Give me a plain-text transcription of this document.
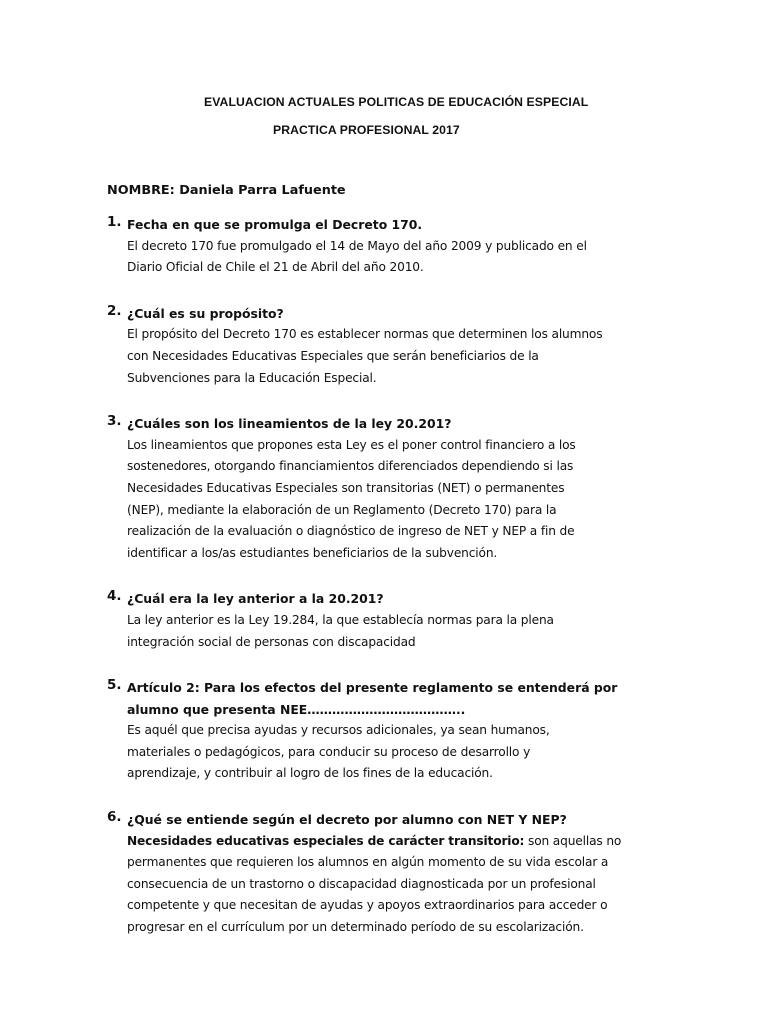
EVALUACION ACTUALES POLITICAS DE EDUCACIÓN ESPECIAL
PRACTICA PROFESIONAL 2017
NOMBRE: Daniela Parra Lafuente
1. Fecha en que se promulga el Decreto 170.
El decreto 170 fue promulgado el 14 de Mayo del año 2009 y publicado en el
Diario Oficial de Chile el 21 de Abril del año 2010.
2. ¿Cuál es su propósito?
El propósito del Decreto 170 es establecer normas que determinen los alumnos
con Necesidades Educativas Especiales que serán beneficiarios de la
Subvenciones para la Educación Especial.
3. ¿Cuáles son los lineamientos de la ley 20.201?
Los lineamientos que propones esta Ley es el poner control financiero a los
sostenedores, otorgando financiamientos diferenciados dependiendo si las
Necesidades Educativas Especiales son transitorias (NET) o permanentes
(NEP), mediante la elaboración de un Reglamento (Decreto 170) para la
realización de la evaluación o diagnóstico de ingreso de NET y NEP a fin de
identificar a los/as estudiantes beneficiarios de la subvención.
4. ¿Cuál era la ley anterior a la 20.201?
La ley anterior es la Ley 19.284, la que establecía normas para la plena
integración social de personas con discapacidad
5. Artículo 2: Para los efectos del presente reglamento se entenderá por
alumno que presenta NEE………………………………..
Es aquél que precisa ayudas y recursos adicionales, ya sean humanos,
materiales o pedagógicos, para conducir su proceso de desarrollo y
aprendizaje, y contribuir al logro de los fines de la educación.
6. ¿Qué se entiende según el decreto por alumno con NET Y NEP?
Necesidades educativas especiales de carácter transitorio: son aquellas no
permanentes que requieren los alumnos en algún momento de su vida escolar a
consecuencia de un trastorno o discapacidad diagnosticada por un profesional
competente y que necesitan de ayudas y apoyos extraordinarios para acceder o
progresar en el currículum por un determinado período de su escolarización.
